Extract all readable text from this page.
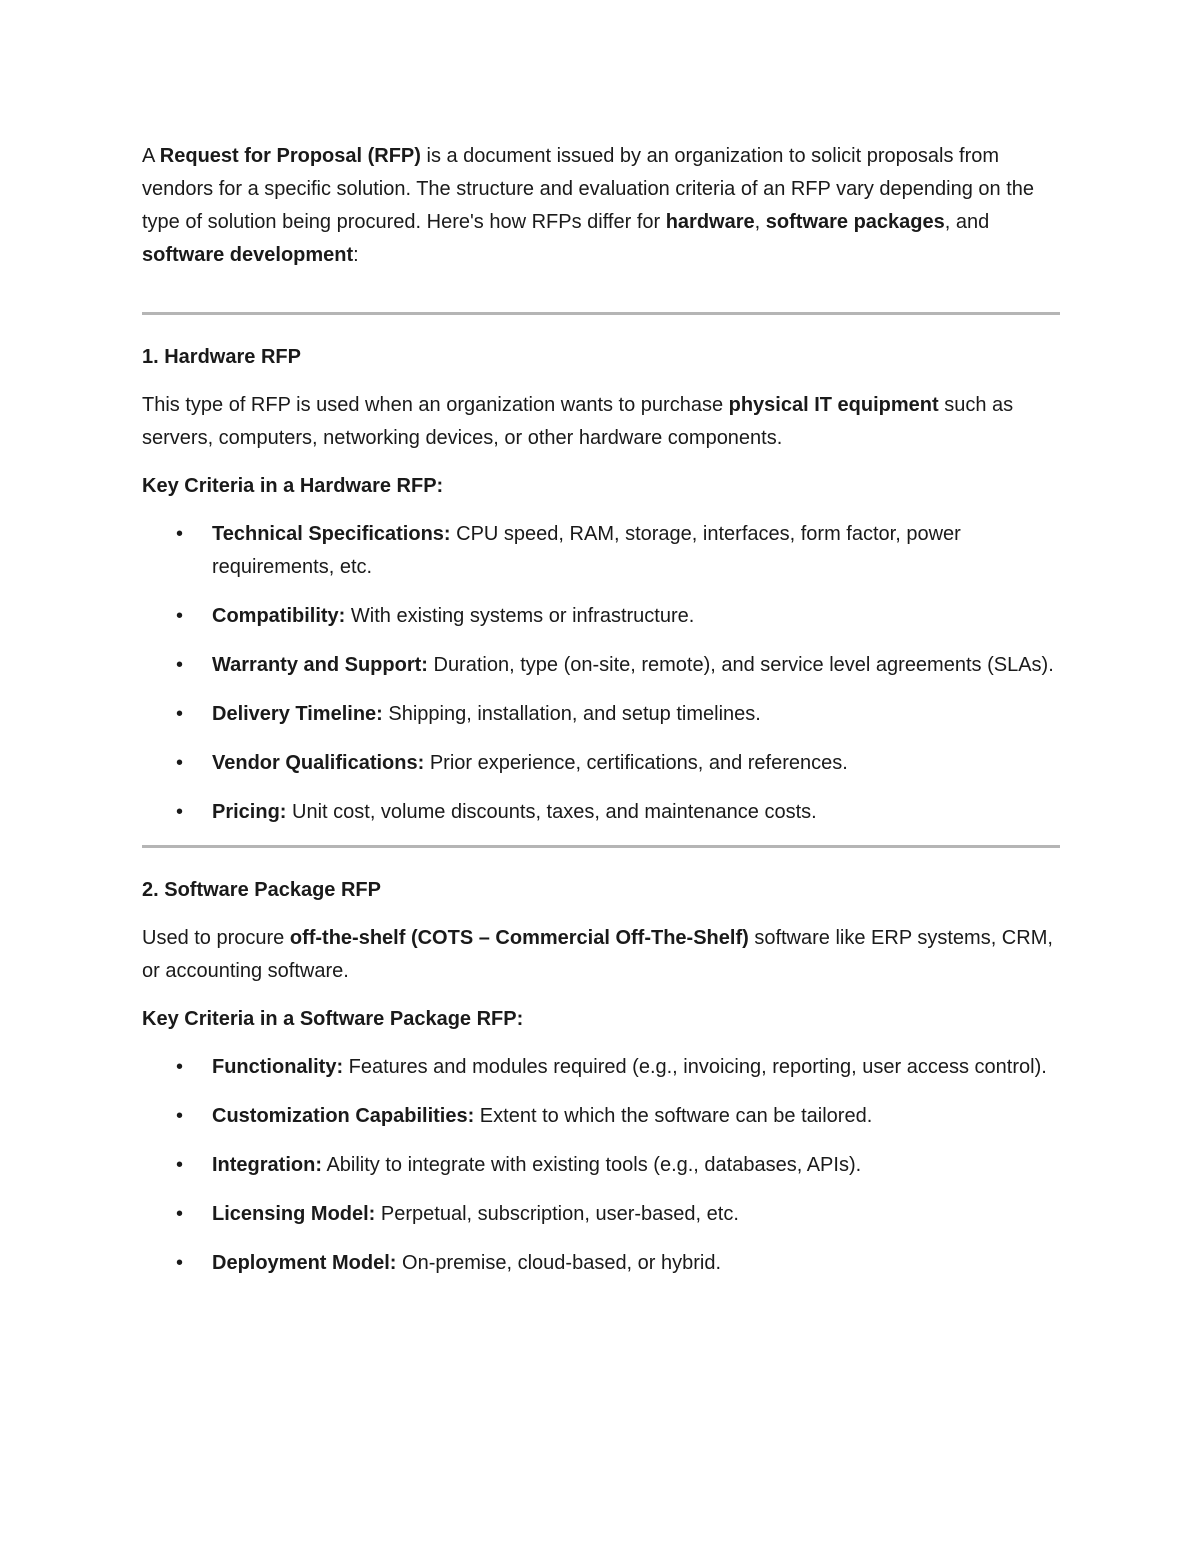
A Request for Proposal (RFP) is a document issued by an organization to solicit proposals from vendors for a specific solution. The structure and evaluation criteria of an RFP vary depending on the type of solution being procured. Here's how RFPs differ for hardware, software packages, and software development:

1. Hardware RFP

This type of RFP is used when an organization wants to purchase physical IT equipment such as servers, computers, networking devices, or other hardware components.

Key Criteria in a Hardware RFP:

• Technical Specifications: CPU speed, RAM, storage, interfaces, form factor, power requirements, etc.
• Compatibility: With existing systems or infrastructure.
• Warranty and Support: Duration, type (on-site, remote), and service level agreements (SLAs).
• Delivery Timeline: Shipping, installation, and setup timelines.
• Vendor Qualifications: Prior experience, certifications, and references.
• Pricing: Unit cost, volume discounts, taxes, and maintenance costs.

2. Software Package RFP

Used to procure off-the-shelf (COTS – Commercial Off-The-Shelf) software like ERP systems, CRM, or accounting software.

Key Criteria in a Software Package RFP:

• Functionality: Features and modules required (e.g., invoicing, reporting, user access control).
• Customization Capabilities: Extent to which the software can be tailored.
• Integration: Ability to integrate with existing tools (e.g., databases, APIs).
• Licensing Model: Perpetual, subscription, user-based, etc.
• Deployment Model: On-premise, cloud-based, or hybrid.
